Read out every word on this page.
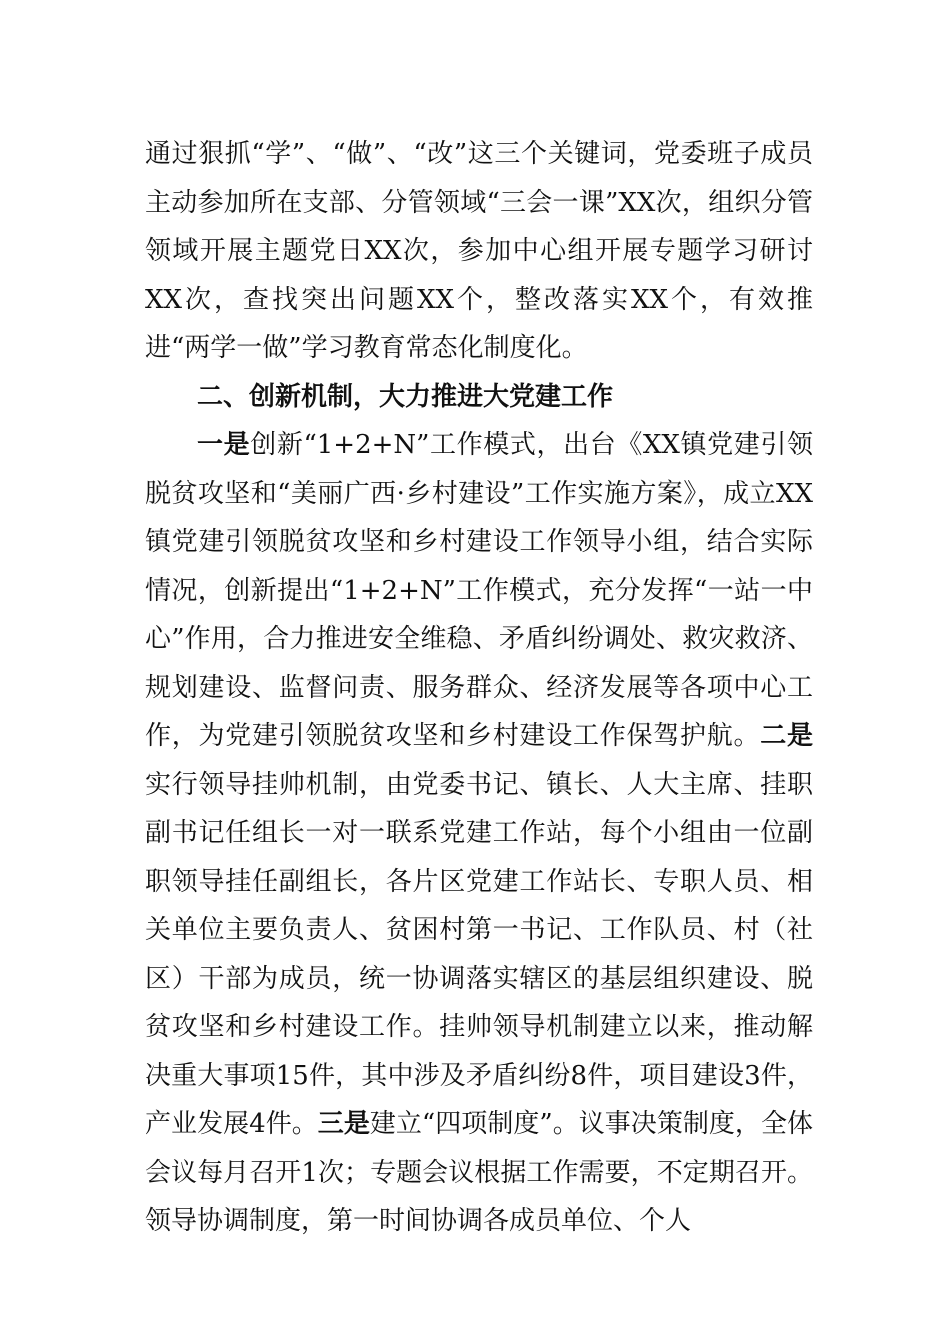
通过狠抓“学”、“做”、“改”这三个关键词，党委班子成员主动参加所在支部、分管领域“三会一课”XX次，组织分管领域开展主题党日XX次，参加中心组开展专题学习研讨XX次，查找突出问题XX个，整改落实XX个，有效推进“两学一做”学习教育常态化制度化。

二、创新机制，大力推进大党建工作

一是创新“1+2+N”工作模式，出台《XX镇党建引领脱贫攻坚和“美丽广西·乡村建设”工作实施方案》，成立XX镇党建引领脱贫攻坚和乡村建设工作领导小组，结合实际情况，创新提出“1+2+N”工作模式，充分发挥“一站一中心”作用，合力推进安全维稳、矛盾纠纷调处、救灾救济、规划建设、监督问责、服务群众、经济发展等各项中心工作，为党建引领脱贫攻坚和乡村建设工作保驾护航。二是实行领导挂帅机制，由党委书记、镇长、人大主席、挂职副书记任组长一对一联系党建工作站，每个小组由一位副职领导挂任副组长，各片区党建工作站长、专职人员、相关单位主要负责人、贫困村第一书记、工作队员、村（社区）干部为成员，统一协调落实辖区的基层组织建设、脱贫攻坚和乡村建设工作。挂帅领导机制建立以来，推动解决重大事项15件，其中涉及矛盾纠纷8件，项目建设3件，产业发展4件。三是建立“四项制度”。议事决策制度，全体会议每月召开1次；专题会议根据工作需要，不定期召开。领导协调制度，第一时间协调各成员单位、个人
